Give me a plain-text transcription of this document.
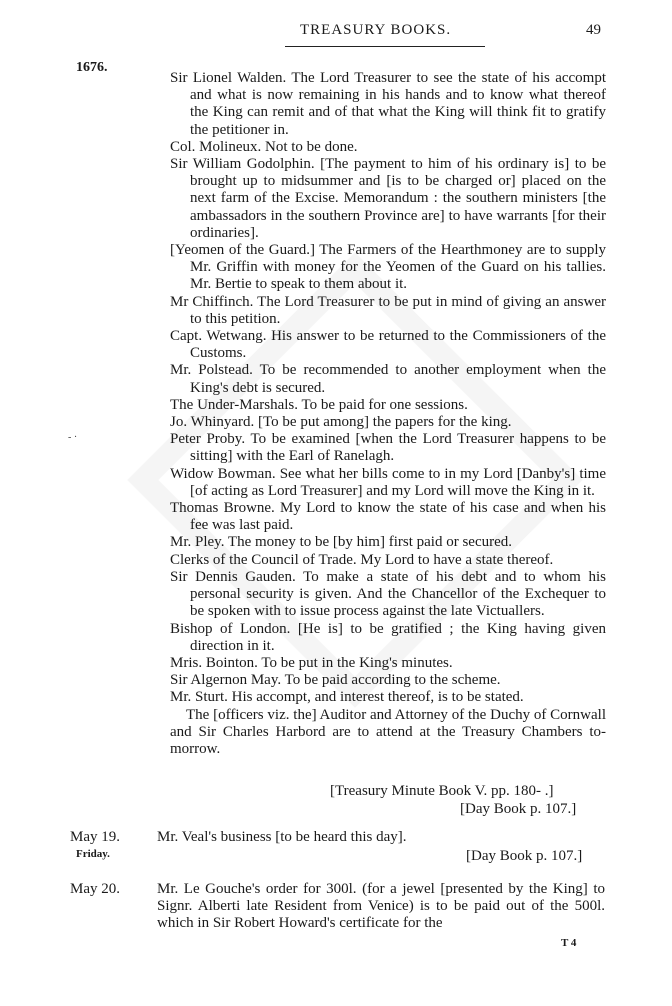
TREASURY BOOKS.	49
1676.
- ·
Sir Lionel Walden. The Lord Treasurer to see the state of his accompt and what is now remaining in his hands and to know what thereof the King can remit and of that what the King will think fit to gratify the petitioner in.
Col. Molineux. Not to be done.
Sir William Godolphin. [The payment to him of his ordinary is] to be brought up to midsummer and [is to be charged or] placed on the next farm of the Excise. Memorandum : the southern ministers [the ambassadors in the southern Province are] to have warrants [for their ordinaries].
[Yeomen of the Guard.] The Farmers of the Hearthmoney are to supply Mr. Griffin with money for the Yeomen of the Guard on his tallies. Mr. Bertie to speak to them about it.
Mr Chiffinch. The Lord Treasurer to be put in mind of giving an answer to this petition.
Capt. Wetwang. His answer to be returned to the Commissioners of the Customs.
Mr. Polstead. To be recommended to another employment when the King's debt is secured.
The Under-Marshals. To be paid for one sessions.
Jo. Whinyard. [To be put among] the papers for the king.
Peter Proby. To be examined [when the Lord Treasurer happens to be sitting] with the Earl of Ranelagh.
Widow Bowman. See what her bills come to in my Lord [Danby's] time [of acting as Lord Treasurer] and my Lord will move the King in it.
Thomas Browne. My Lord to know the state of his case and when his fee was last paid.
Mr. Pley. The money to be [by him] first paid or secured.
Clerks of the Council of Trade. My Lord to have a state thereof.
Sir Dennis Gauden. To make a state of his debt and to whom his personal security is given. And the Chancellor of the Exchequer to be spoken with to issue process against the late Victuallers.
Bishop of London. [He is] to be gratified ; the King having given direction in it.
Mris. Bointon. To be put in the King's minutes.
Sir Algernon May. To be paid according to the scheme.
Mr. Sturt. His accompt, and interest thereof, is to be stated.
The [officers viz. the] Auditor and Attorney of the Duchy of Cornwall and Sir Charles Harbord are to attend at the Treasury Chambers to-morrow.
[Treasury Minute Book V. pp. 180- .]
[Day Book p. 107.]
May 19.
Friday.
Mr. Veal's business [to be heard this day].
[Day Book p. 107.]
May 20. Mr. Le Gouche's order for 300l. (for a jewel [presented by the King] to Signr. Alberti late Resident from Venice) is to be paid out of the 500l. which in Sir Robert Howard's certificate for the
T 4
